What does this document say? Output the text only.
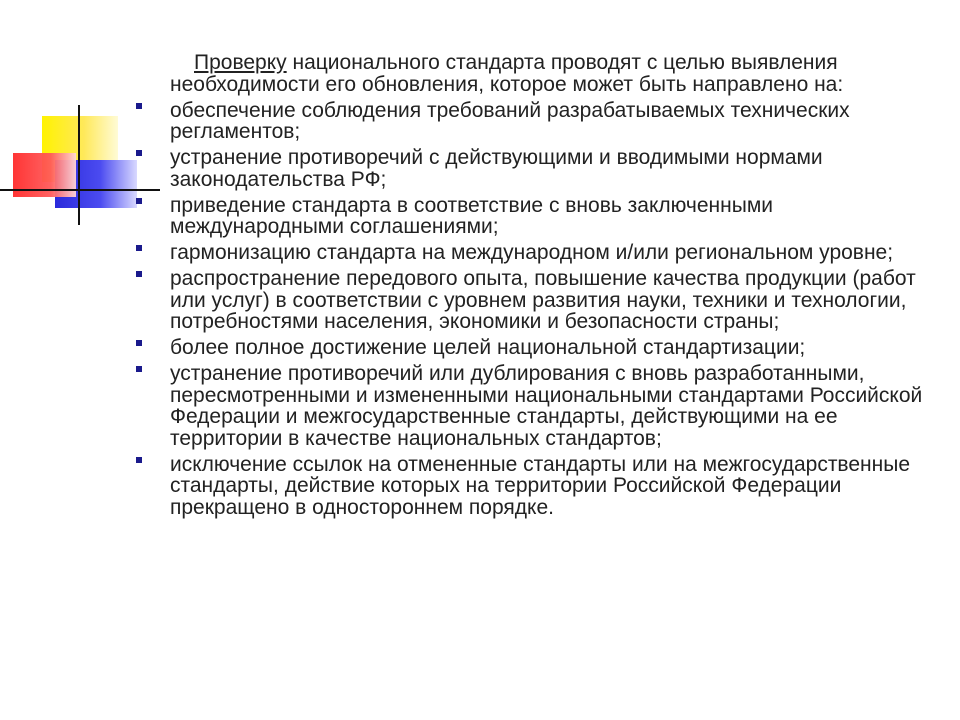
Проверку национального стандарта проводят с целью выявления необходимости его обновления, которое может быть направлено на:

обеспечение соблюдения требований разрабатываемых технических регламентов;
устранение противоречий с действующими и вводимыми нормами законодательства РФ;
приведение стандарта в соответствие с вновь заключенными международными соглашениями;
гармонизацию стандарта на международном и/или региональном уровне;
распространение передового опыта, повышение качества продукции (работ или услуг) в соответствии с уровнем развития науки, техники и технологии, потребностями населения, экономики и безопасности страны;
более полное достижение целей национальной стандартизации;
устранение противоречий или дублирования с вновь разработанными, пересмотренными и измененными национальными стандартами Российской Федерации и межгосударственные стандарты, действующими на ее территории в качестве национальных стандартов;
исключение ссылок на отмененные стандарты или на межгосударственные стандарты, действие которых на территории Российской Федерации прекращено в одностороннем порядке.
